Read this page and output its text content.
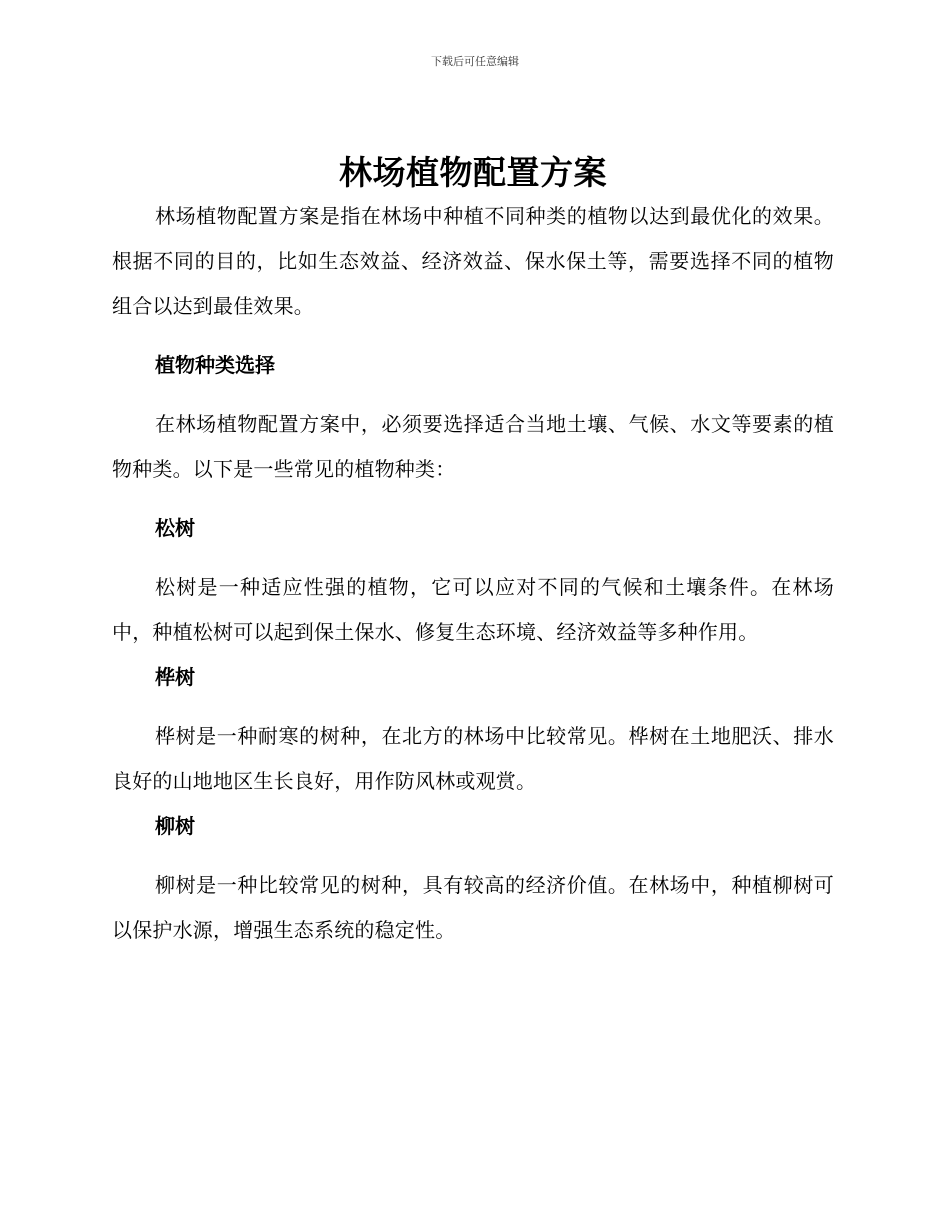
下载后可任意编辑
林场植物配置方案

林场植物配置方案是指在林场中种植不同种类的植物以达到最优化的效果。根据不同的目的，比如生态效益、经济效益、保水保土等，需要选择不同的植物组合以达到最佳效果。

植物种类选择

在林场植物配置方案中，必须要选择适合当地土壤、气候、水文等要素的植物种类。以下是一些常见的植物种类：

松树

松树是一种适应性强的植物，它可以应对不同的气候和土壤条件。在林场中，种植松树可以起到保土保水、修复生态环境、经济效益等多种作用。

桦树

桦树是一种耐寒的树种，在北方的林场中比较常见。桦树在土地肥沃、排水良好的山地地区生长良好，用作防风林或观赏。

柳树

柳树是一种比较常见的树种，具有较高的经济价值。在林场中，种植柳树可以保护水源，增强生态系统的稳定性。
